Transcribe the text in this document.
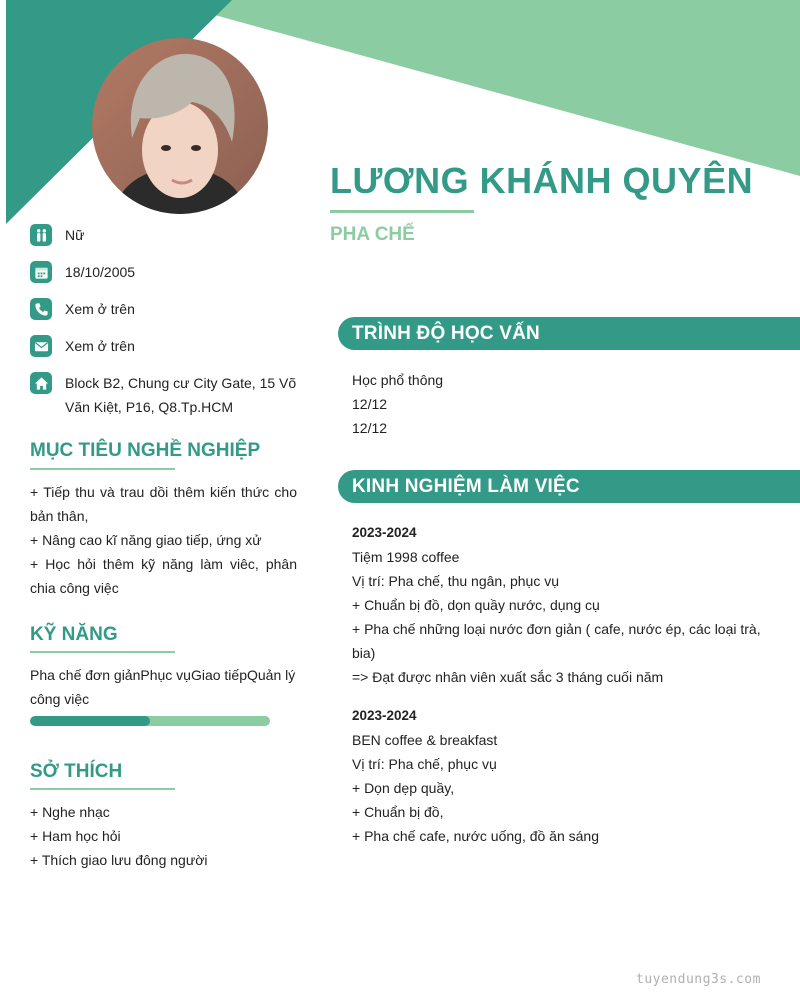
LƯƠNG KHÁNH QUYÊN
PHA CHẾ
Nữ
18/10/2005
Xem ở trên
Xem ở trên
Block B2, Chung cư City Gate, 15 Võ Văn Kiệt, P16, Q8.Tp.HCM
MỤC TIÊU NGHỀ NGHIỆP

+ Tiếp thu và trau dồi thêm kiến thức cho bản thân,

+ Nâng cao kĩ năng giao tiếp, ứng xử

+ Học hỏi thêm kỹ năng làm viêc, phân chia công việc

KỸ NĂNG

Pha chế đơn giảnPhục vụGiao tiếpQuản lý công việc

SỞ THÍCH

+ Nghe nhạc

+ Ham học hỏi

+ Thích giao lưu đông người

TRÌNH ĐỘ HỌC VẤN

Học phổ thông

12/12

12/12

KINH NGHIỆM LÀM VIỆC

2023-2024

Tiệm 1998 coffee

Vị trí: Pha chế, thu ngân, phục vụ

+ Chuẩn bị đồ, dọn quầy nước, dụng cụ

+ Pha chế những loại nước đơn giản ( cafe, nước ép, các loại trà, bia)

=> Đạt được nhân viên xuất sắc 3 tháng cuối năm

2023-2024

BEN coffee & breakfast

Vị trí: Pha chế, phục vụ

+ Dọn dẹp quầy,

+ Chuẩn bị đồ,

+ Pha chế cafe, nước uống, đồ ăn sáng

tuyendung3s.com
